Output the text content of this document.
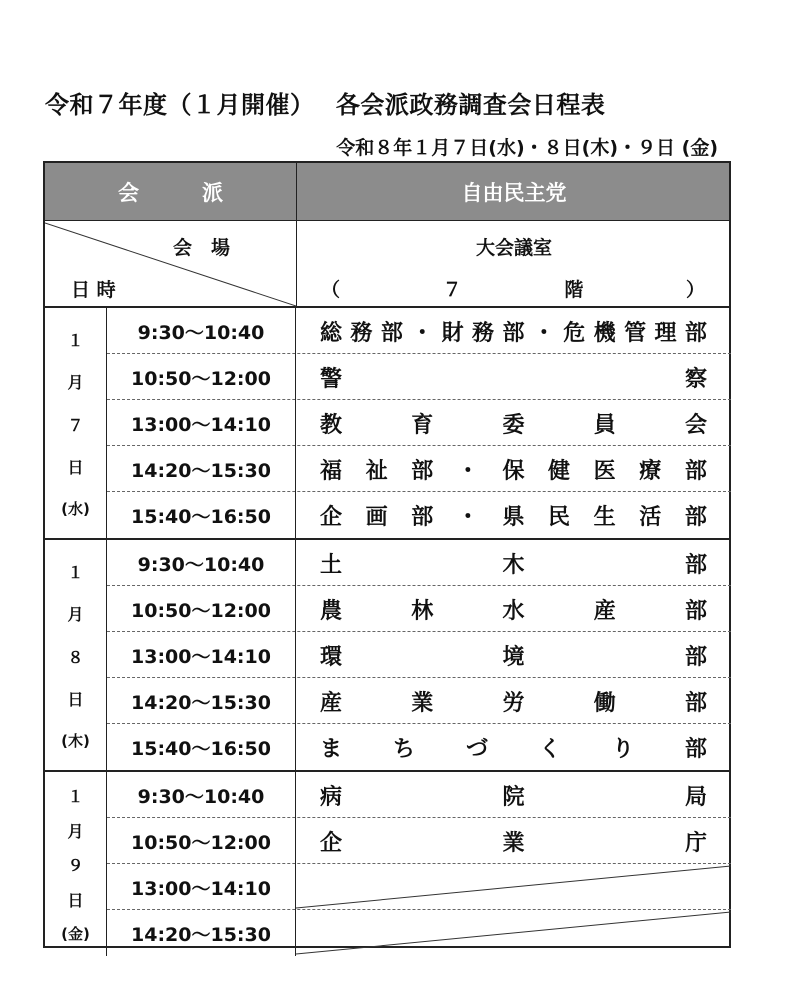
令和７年度（１月開催）　 各会派政務調査会日程表
令和８年１月７日(水)・８日(木)・９日 (金)
会　　　派	自由民主党
会　場
日 時
大会議室
（	７	階	）
１
月
７
日
(水)
9:30〜10:40	総 務 部 ・ 財 務 部 ・ 危 機 管 理 部
10:50〜12:00	警	察
13:00〜14:10	教	育	委	員	会
14:20〜15:30	福 祉 部 ・ 保 健 医 療 部
15:40〜16:50	企 画 部 ・ 県 民 生 活 部
１
月
８
日
(木)
9:30〜10:40	土	木	部
10:50〜12:00	農	林	水	産	部
13:00〜14:10	環	境	部
14:20〜15:30	産	業	労	働	部
15:40〜16:50	ま ち づ く り 部
１
月
９
日
(金)
9:30〜10:40	病	院	局
10:50〜12:00	企	業	庁
13:00〜14:10
14:20〜15:30
